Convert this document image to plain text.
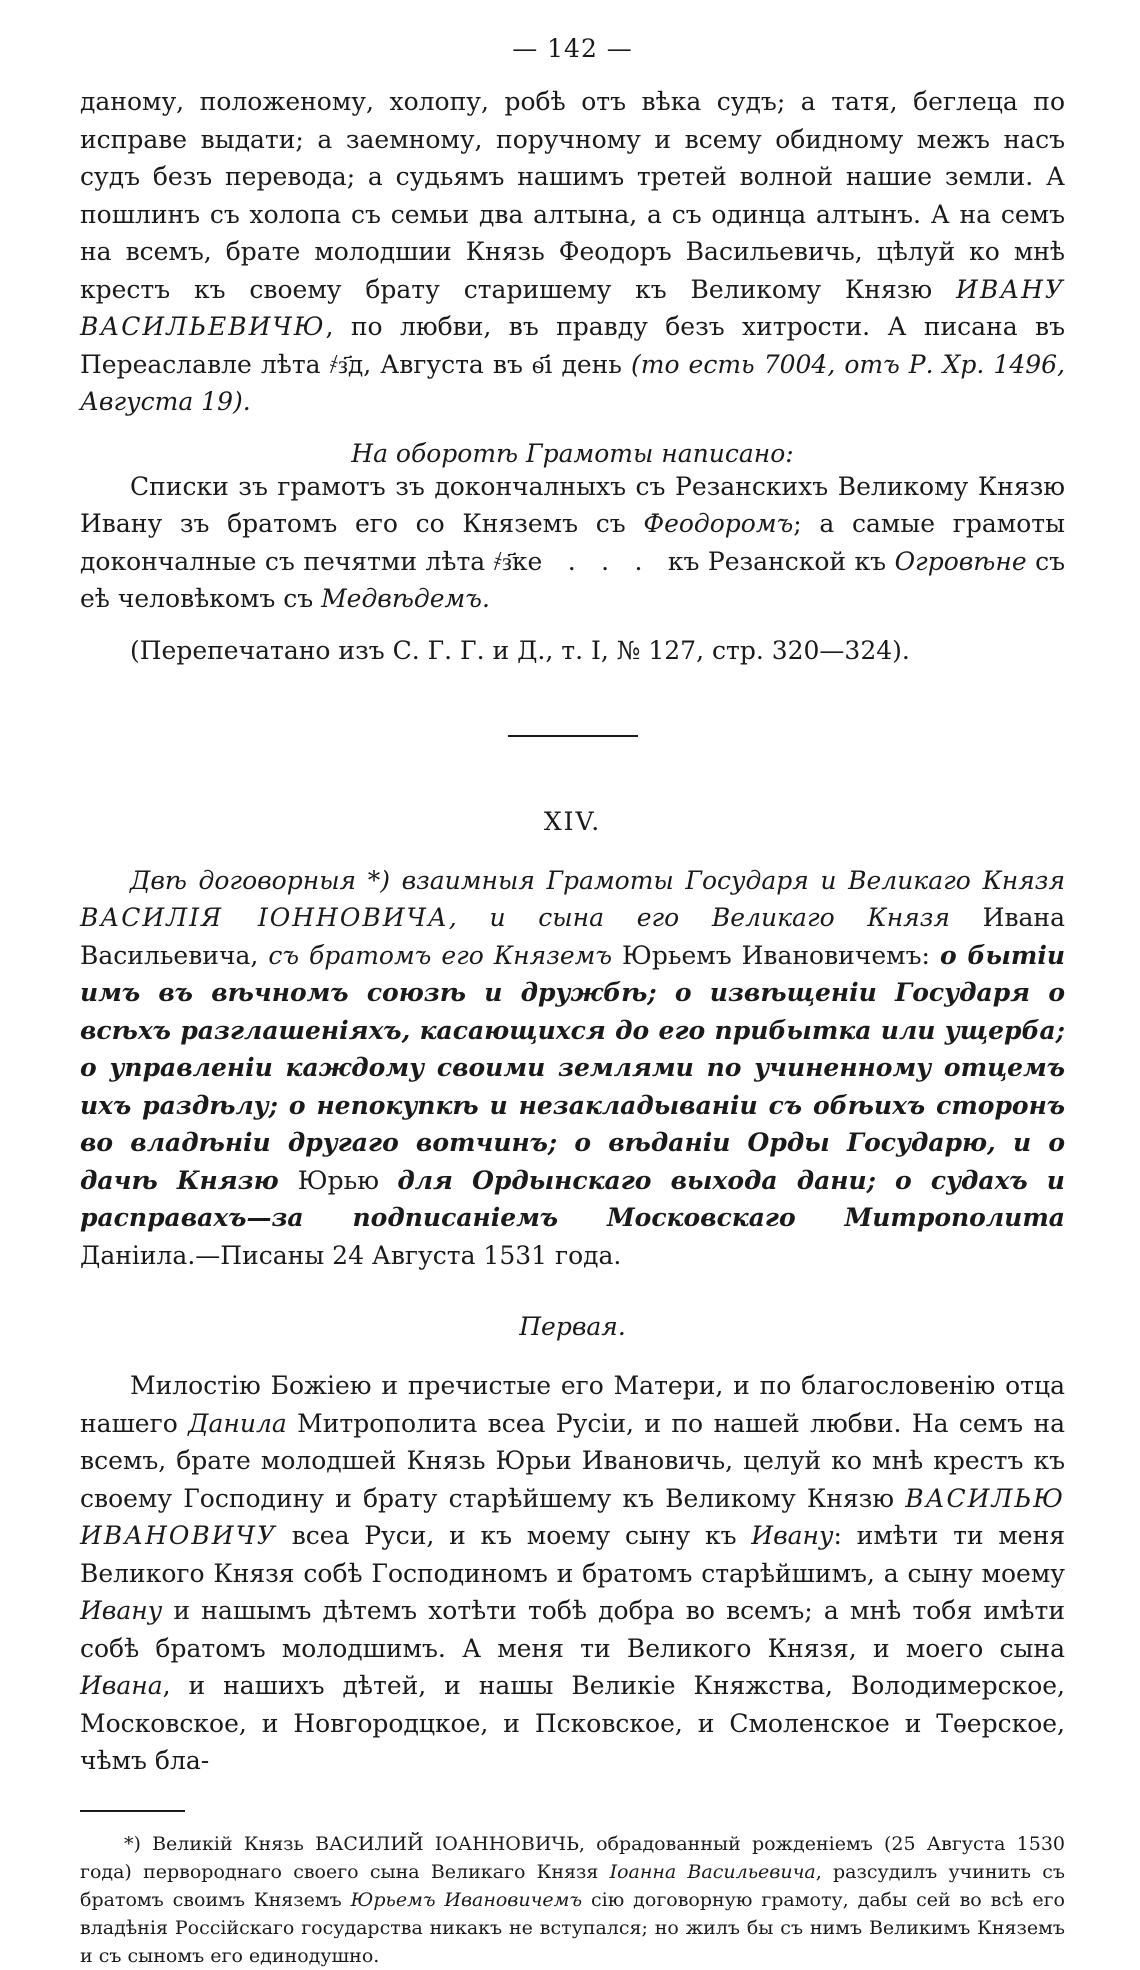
— 142 —

даному, положеному, холопу, робѣ отъ вѣка судъ; а татя, беглеца по исправе выдати; а заемному, поручному и всему обидному межъ насъ судъ безъ перевода; а судьямъ нашимъ третей волной нашие земли. А пошлинъ съ холопа съ семьи два алтына, а съ одинца алтынъ. А на семъ на всемъ, брате молодшии Князь Феодоръ Васильевичь, цѣлуй ко мнѣ крестъ къ своему брату старишему къ Великому Князю ИВАНУ ВАСИЛЬЕВИЧЮ, по любви, въ правду безъ хитрости. А писана въ Переаславле лѣта ҂з҃д, Августа въ ѳ҃і день (то есть 7004, отъ Р. Хр. 1496, Августа 19).

На оборотѣ Грамоты написано:

Списки зъ грамотъ зъ докончалныхъ съ Резанскихъ Великому Князю Ивану зъ братомъ его со Княземъ съ Феодоромъ; а самые грамоты докончалные съ печятми лѣта ҂з҃ке   .   .   .   къ Резанской къ Огровѣне съ еѣ человѣкомъ съ Медвѣдемъ.

(Перепечатано изъ С. Г. Г. и Д., т. I, № 127, стр. 320—324).
XIV.

Двѣ договорныя *) взаимныя Грамоты Государя и Великаго Князя ВАСИЛІЯ ІОННОВИЧА, и сына его Великаго Князя Ивана Васильевича, съ братомъ его Княземъ Юрьемъ Ивановичемъ: о бытіи имъ въ вѣчномъ союзѣ и дружбѣ; о извѣщеніи Государя о всѣхъ разглашеніяхъ, касающихся до его прибытка или ущерба; о управленіи каждому своими землями по учиненному отцемъ ихъ раздѣлу; о непокупкѣ и незакладываніи съ обѣихъ сторонъ во владѣніи другаго вотчинъ; о вѣданіи Орды Государю, и о дачѣ Князю Юрью для Ордынскаго выхода дани; о судахъ и расправахъ—за подписаніемъ Московскаго Митрополита Даніила.—Писаны 24 Августа 1531 года.

Первая.

Милостію Божіею и пречистые его Матери, и по благословенію отца нашего Данила Митрополита всеа Русіи, и по нашей любви. На семъ на всемъ, брате молодшей Князь Юрьи Ивановичь, целуй ко мнѣ крестъ къ своему Господину и брату старѣйшему къ Великому Князю ВАСИЛЬЮ ИВАНОВИЧУ всеа Руси, и къ моему сыну къ Ивану: имѣти ти меня Великого Князя собѣ Господиномъ и братомъ старѣйшимъ, а сыну моему Ивану и нашымъ дѣтемъ хотѣти тобѣ добра во всемъ; а мнѣ тобя имѣти собѣ братомъ молодшимъ. А меня ти Великого Князя, и моего сына Ивана, и нашихъ дѣтей, и нашы Великіе Княжства, Володимерское, Московское, и Новгородцкое, и Псковское, и Смоленское и Тѳерское, чѣмъ бла-

*) Великій Князь ВАСИЛИЙ ІОАННОВИЧЬ, обрадованный рожденіемъ (25 Августа 1530 года) первороднаго своего сына Великаго Князя Іоанна Васильевича, разсудилъ учинить съ братомъ своимъ Княземъ Юрьемъ Ивановичемъ сію договорную грамоту, дабы сей во всѣ его владѣнія Россійскаго государства никакъ не вступался; но жилъ бы съ нимъ Великимъ Княземъ и съ сыномъ его единодушно.
